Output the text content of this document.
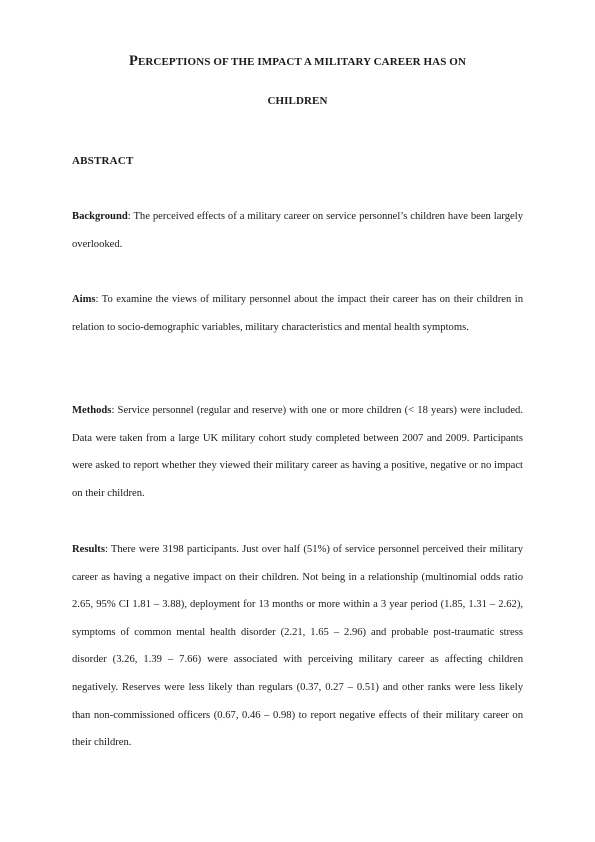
PERCEPTIONS OF THE IMPACT A MILITARY CAREER HAS ON
CHILDREN
ABSTRACT

Background: The perceived effects of a military career on service personnel’s children have been largely overlooked.

Aims: To examine the views of military personnel about the impact their career has on their children in relation to socio-demographic variables, military characteristics and mental health symptoms.

Methods: Service personnel (regular and reserve) with one or more children (< 18 years) were included. Data were taken from a large UK military cohort study completed between 2007 and 2009. Participants were asked to report whether they viewed their military career as having a positive, negative or no impact on their children.

Results: There were 3198 participants. Just over half (51%) of service personnel perceived their military career as having a negative impact on their children. Not being in a relationship (multinomial odds ratio 2.65, 95% CI 1.81 – 3.88), deployment for 13 months or more within a 3 year period (1.85, 1.31 – 2.62), symptoms of common mental health disorder (2.21, 1.65 – 2.96) and probable post-traumatic stress disorder (3.26, 1.39 – 7.66) were associated with perceiving military career as affecting children negatively. Reserves were less likely than regulars (0.37, 0.27 – 0.51) and other ranks were less likely than non-commissioned officers (0.67, 0.46 – 0.98) to report negative effects of their military career on their children.
